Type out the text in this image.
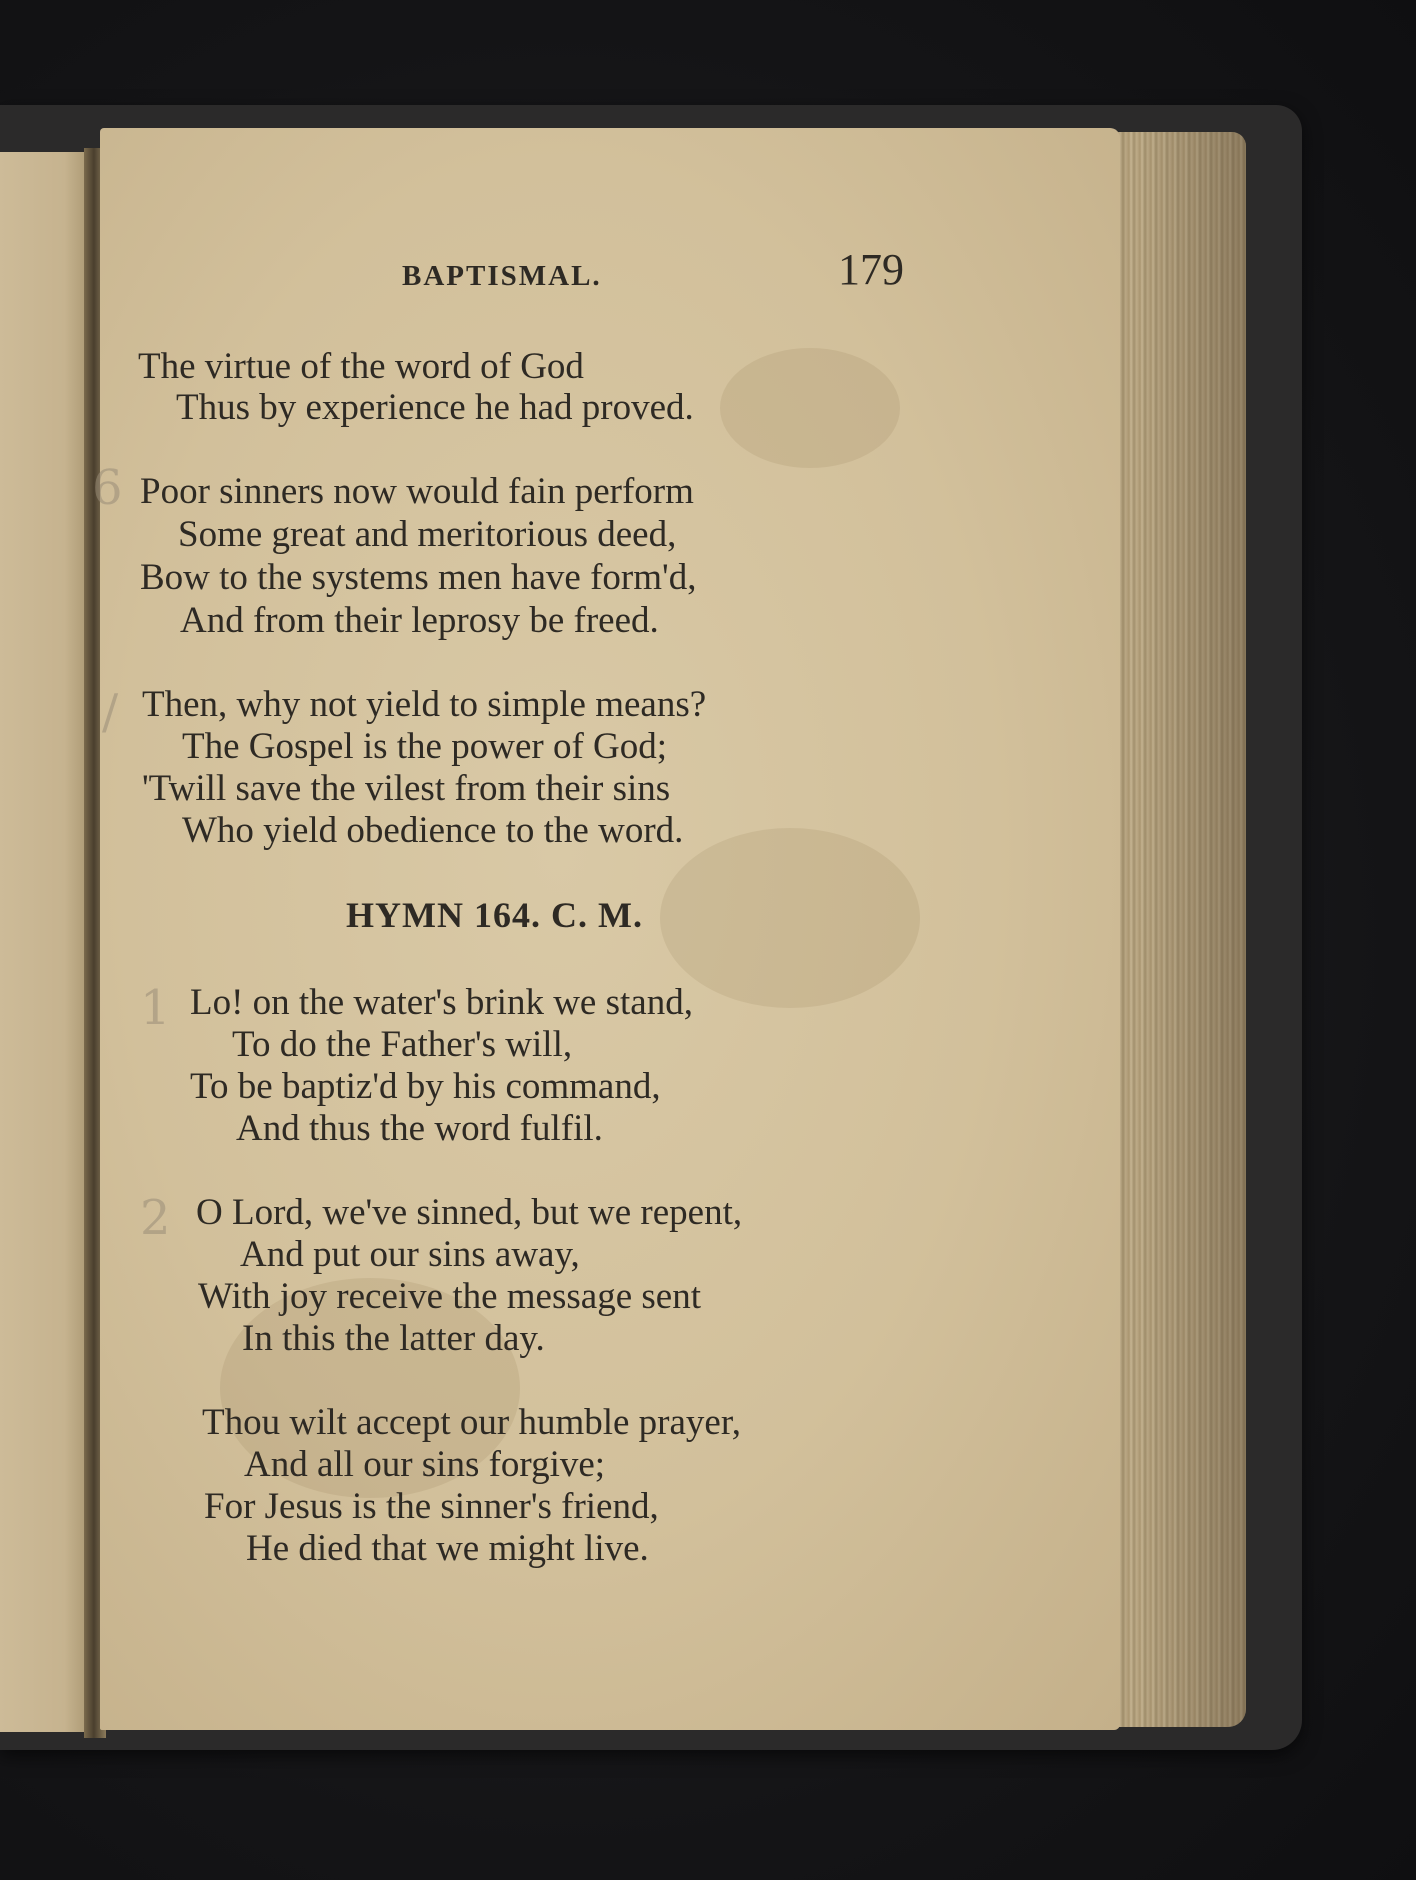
BAPTISMAL.	179
The virtue of the word of God
Thus by experience he had proved.
Poor sinners now would fain perform
Some great and meritorious deed,
Bow to the systems men have form'd,
And from their leprosy be freed.
Then, why not yield to simple means?
The Gospel is the power of God;
'Twill save the vilest from their sins
Who yield obedience to the word.
HYMN 164. C. M.
Lo! on the water's brink we stand,
To do the Father's will,
To be baptiz'd by his command,
And thus the word fulfil.
O Lord, we've sinned, but we repent,
And put our sins away,
With joy receive the message sent
In this the latter day.
Thou wilt accept our humble prayer,
And all our sins forgive;
For Jesus is the sinner's friend,
He died that we might live.
6
/
1
2
